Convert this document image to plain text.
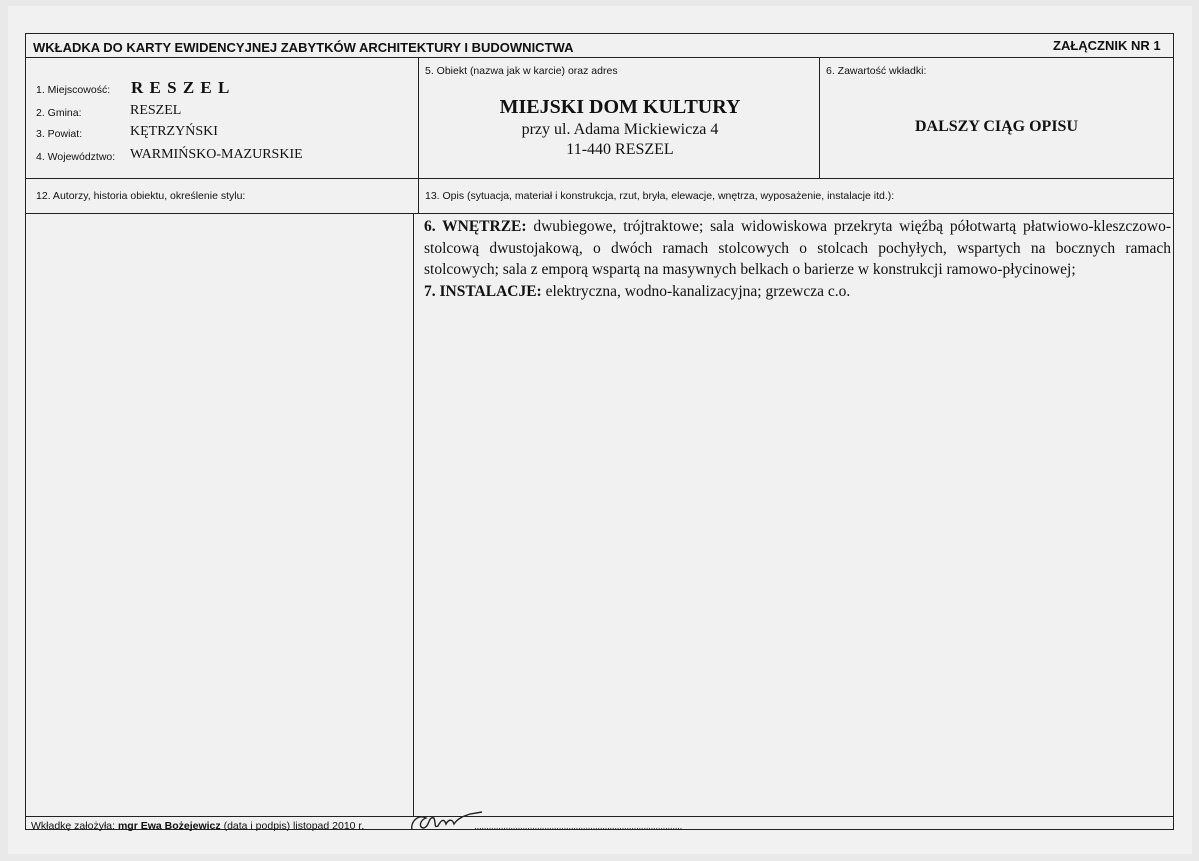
WKŁADKA DO KARTY EWIDENCYJNEJ ZABYTKÓW ARCHITEKTURY I BUDOWNICTWA	ZAŁĄCZNIK NR 1
1. Miejscowość: R E S Z E L
2. Gmina:	RESZEL
3. Powiat:	KĘTRZYŃSKI
4. Województwo: WARMIŃSKO-MAZURSKIE
5. Obiekt (nazwa jak w karcie) oraz adres
MIEJSKI DOM KULTURY
przy ul. Adama Mickiewicza 4
11-440 RESZEL
6. Zawartość wkładki:
DALSZY CIĄG OPISU
12. Autorzy, historia obiektu, określenie stylu:	13. Opis (sytuacja, materiał i konstrukcja, rzut, bryła, elewacje, wnętrza, wyposażenie, instalacje itd.):

6. WNĘTRZE: dwubiegowe, trójtraktowe; sala widowiskowa przekryta więźbą półotwartą płatwiowo-kleszczowo-stolcową dwustojakową, o dwóch ramach stolcowych o stolcach pochyłych, wspartych na bocznych ramach stolcowych; sala z emporą wspartą na masywnych belkach o barierze w konstrukcji ramowo-płycinowej;

7. INSTALACJE: elektryczna, wodno-kanalizacyjna; grzewcza c.o.

Wkładkę założyła: mgr Ewa Bożejewicz (data i podpis) listopad 2010 r.	......................................................................................
